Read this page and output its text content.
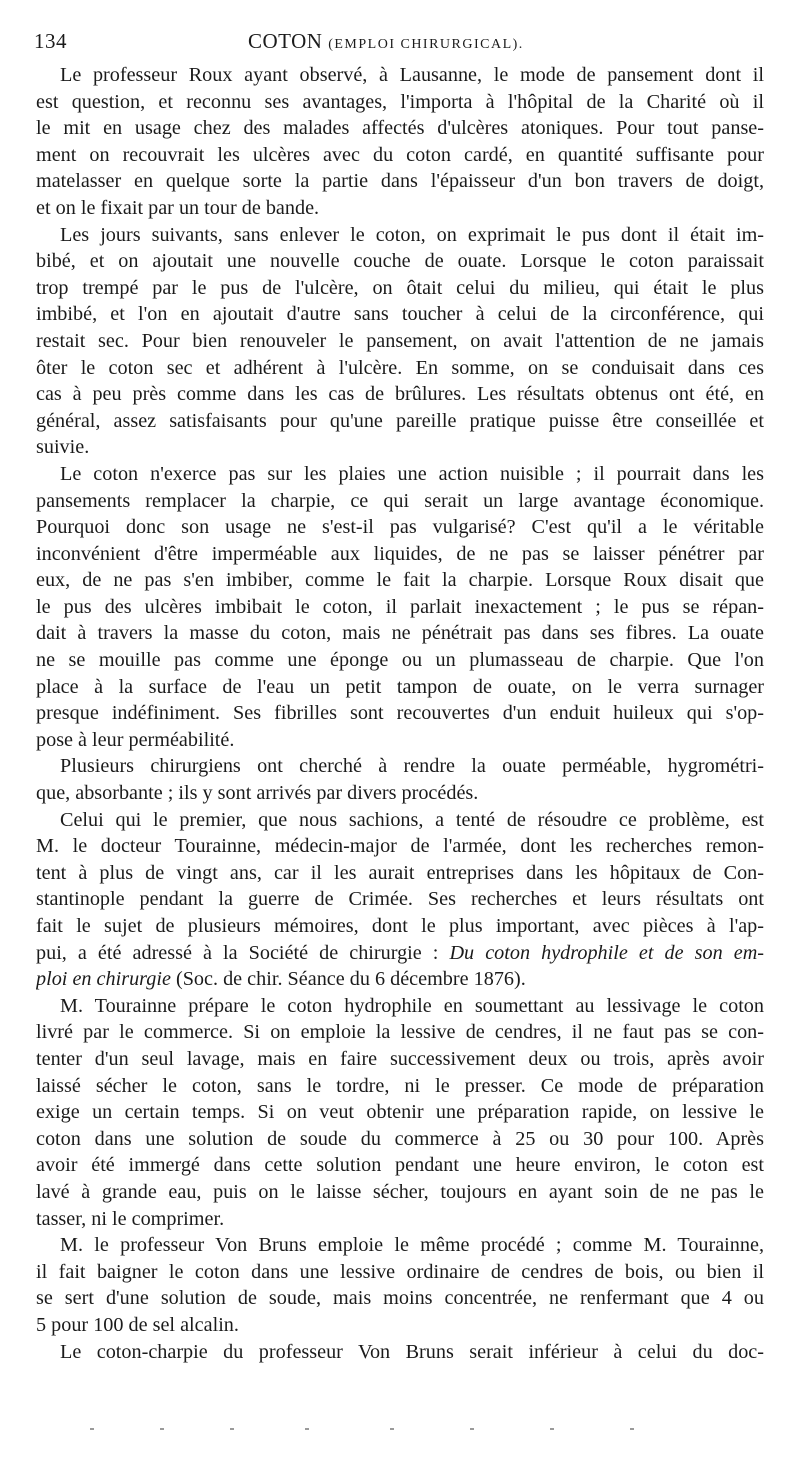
134	COTON (EMPLOI CHIRURGICAL).
Le professeur Roux ayant observé, à Lausanne, le mode de pansement dont il
est question, et reconnu ses avantages, l'importa à l'hôpital de la Charité où il
le mit en usage chez des malades affectés d'ulcères atoniques. Pour tout panse-
ment on recouvrait les ulcères avec du coton cardé, en quantité suffisante pour
matelasser en quelque sorte la partie dans l'épaisseur d'un bon travers de doigt,
et on le fixait par un tour de bande.
Les jours suivants, sans enlever le coton, on exprimait le pus dont il était im-
bibé, et on ajoutait une nouvelle couche de ouate. Lorsque le coton paraissait
trop trempé par le pus de l'ulcère, on ôtait celui du milieu, qui était le plus
imbibé, et l'on en ajoutait d'autre sans toucher à celui de la circonférence, qui
restait sec. Pour bien renouveler le pansement, on avait l'attention de ne jamais
ôter le coton sec et adhérent à l'ulcère. En somme, on se conduisait dans ces
cas à peu près comme dans les cas de brûlures. Les résultats obtenus ont été, en
général, assez satisfaisants pour qu'une pareille pratique puisse être conseillée et
suivie.
Le coton n'exerce pas sur les plaies une action nuisible ; il pourrait dans les
pansements remplacer la charpie, ce qui serait un large avantage économique.
Pourquoi donc son usage ne s'est-il pas vulgarisé? C'est qu'il a le véritable
inconvénient d'être imperméable aux liquides, de ne pas se laisser pénétrer par
eux, de ne pas s'en imbiber, comme le fait la charpie. Lorsque Roux disait que
le pus des ulcères imbibait le coton, il parlait inexactement ; le pus se répan-
dait à travers la masse du coton, mais ne pénétrait pas dans ses fibres. La ouate
ne se mouille pas comme une éponge ou un plumasseau de charpie. Que l'on
place à la surface de l'eau un petit tampon de ouate, on le verra surnager
presque indéfiniment. Ses fibrilles sont recouvertes d'un enduit huileux qui s'op-
pose à leur perméabilité.
Plusieurs chirurgiens ont cherché à rendre la ouate perméable, hygrométri-
que, absorbante ; ils y sont arrivés par divers procédés.
Celui qui le premier, que nous sachions, a tenté de résoudre ce problème, est
M. le docteur Tourainne, médecin-major de l'armée, dont les recherches remon-
tent à plus de vingt ans, car il les aurait entreprises dans les hôpitaux de Con-
stantinople pendant la guerre de Crimée. Ses recherches et leurs résultats ont
fait le sujet de plusieurs mémoires, dont le plus important, avec pièces à l'ap-
pui, a été adressé à la Société de chirurgie : Du coton hydrophile et de son em-
ploi en chirurgie (Soc. de chir. Séance du 6 décembre 1876).
M. Tourainne prépare le coton hydrophile en soumettant au lessivage le coton
livré par le commerce. Si on emploie la lessive de cendres, il ne faut pas se con-
tenter d'un seul lavage, mais en faire successivement deux ou trois, après avoir
laissé sécher le coton, sans le tordre, ni le presser. Ce mode de préparation
exige un certain temps. Si on veut obtenir une préparation rapide, on lessive le
coton dans une solution de soude du commerce à 25 ou 30 pour 100. Après
avoir été immergé dans cette solution pendant une heure environ, le coton est
lavé à grande eau, puis on le laisse sécher, toujours en ayant soin de ne pas le
tasser, ni le comprimer.
M. le professeur Von Bruns emploie le même procédé ; comme M. Tourainne,
il fait baigner le coton dans une lessive ordinaire de cendres de bois, ou bien il
se sert d'une solution de soude, mais moins concentrée, ne renfermant que 4 ou
5 pour 100 de sel alcalin.
Le coton-charpie du professeur Von Bruns serait inférieur à celui du doc-
